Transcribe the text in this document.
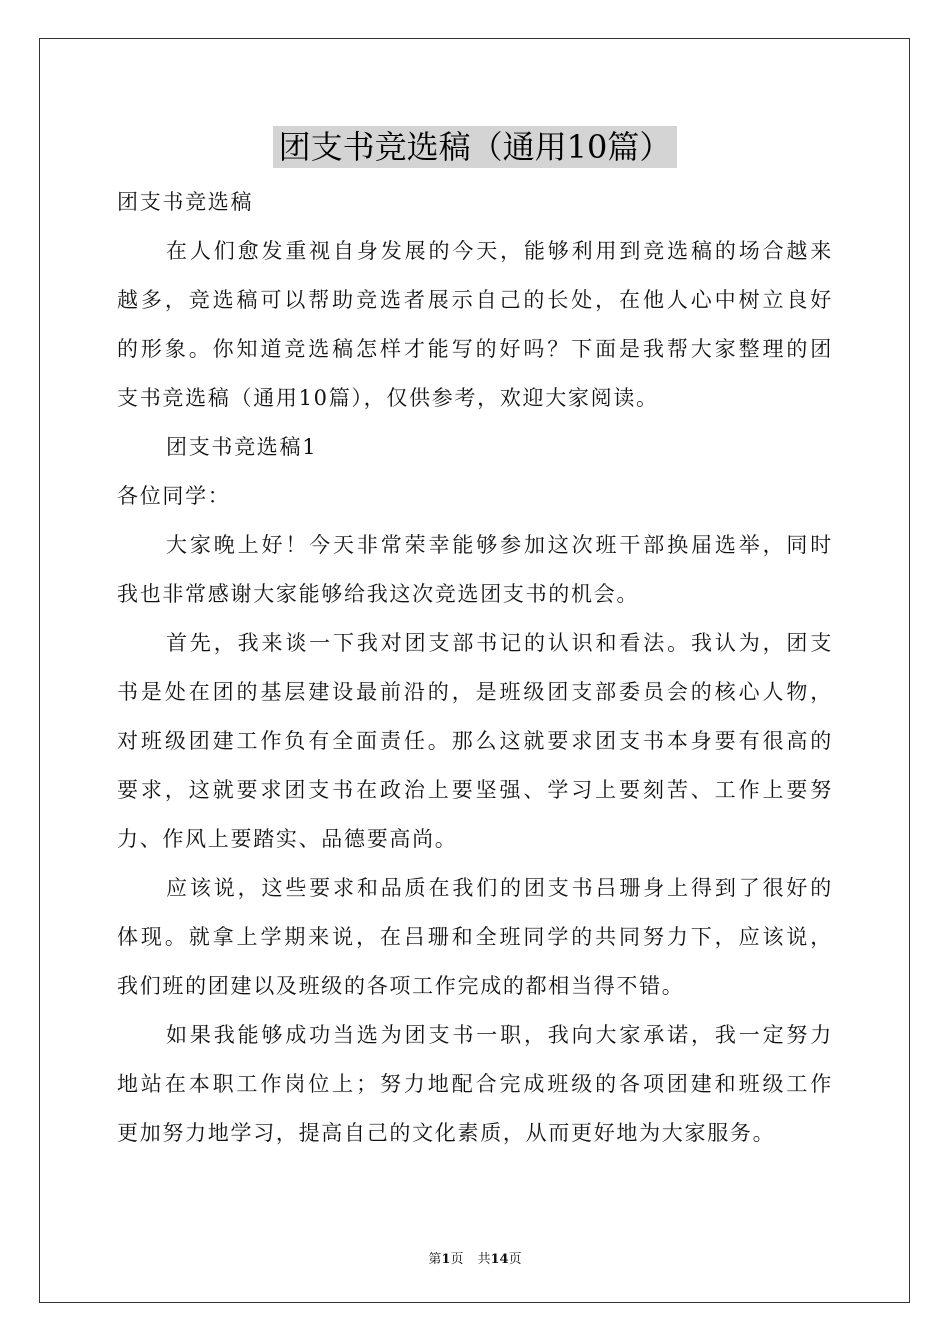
团支书竞选稿（通用10篇）
团支书竞选稿
在人们愈发重视自身发展的今天，能够利用到竞选稿的场合越来
越多，竞选稿可以帮助竞选者展示自己的长处，在他人心中树立良好
的形象。你知道竞选稿怎样才能写的好吗？下面是我帮大家整理的团
支书竞选稿（通用10篇），仅供参考，欢迎大家阅读。
团支书竞选稿1
各位同学：
大家晚上好！今天非常荣幸能够参加这次班干部换届选举，同时
我也非常感谢大家能够给我这次竞选团支书的机会。
首先，我来谈一下我对团支部书记的认识和看法。我认为，团支
书是处在团的基层建设最前沿的，是班级团支部委员会的核心人物，
对班级团建工作负有全面责任。那么这就要求团支书本身要有很高的
要求，这就要求团支书在政治上要坚强、学习上要刻苦、工作上要努
力、作风上要踏实、品德要高尚。
应该说，这些要求和品质在我们的团支书吕珊身上得到了很好的
体现。就拿上学期来说，在吕珊和全班同学的共同努力下，应该说，
我们班的团建以及班级的各项工作完成的都相当得不错。
如果我能够成功当选为团支书一职，我向大家承诺，我一定努力
地站在本职工作岗位上；努力地配合完成班级的各项团建和班级工作
更加努力地学习，提高自己的文化素质，从而更好地为大家服务。
第1页 共14页
